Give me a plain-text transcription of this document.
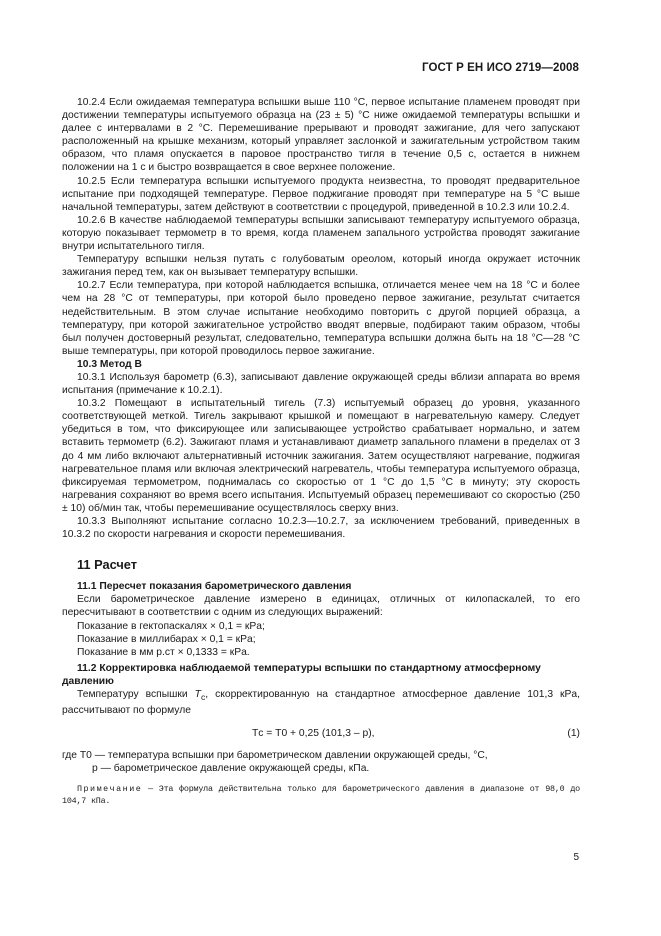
ГОСТ Р ЕН ИСО 2719—2008

10.2.4 Если ожидаемая температура вспышки выше 110 °С, первое испытание пламенем проводят при достижении температуры испытуемого образца на (23 ± 5) °С ниже ожидаемой температуры вспышки и далее с интервалами в 2 °С. Перемешивание прерывают и проводят зажигание, для чего запускают расположенный на крышке механизм, который управляет заслонкой и зажигательным устройством таким образом, что пламя опускается в паровое пространство тигля в течение 0,5 с, остается в нижнем положении на 1 с и быстро возвращается в свое верхнее положение.

10.2.5 Если температура вспышки испытуемого продукта неизвестна, то проводят предварительное испытание при подходящей температуре. Первое поджигание проводят при температуре на 5 °С выше начальной температуры, затем действуют в соответствии с процедурой, приведенной в 10.2.3 или 10.2.4.

10.2.6 В качестве наблюдаемой температуры вспышки записывают температуру испытуемого образца, которую показывает термометр в то время, когда пламенем запального устройства проводят зажигание внутри испытательного тигля.

Температуру вспышки нельзя путать с голубоватым ореолом, который иногда окружает источник зажигания перед тем, как он вызывает температуру вспышки.

10.2.7 Если температура, при которой наблюдается вспышка, отличается менее чем на 18 °С и более чем на 28 °С от температуры, при которой было проведено первое зажигание, результат считается недействительным. В этом случае испытание необходимо повторить с другой порцией образца, а температуру, при которой зажигательное устройство вводят впервые, подбирают таким образом, чтобы был получен достоверный результат, следовательно, температура вспышки должна быть на 18 °С—28 °С выше температуры, при которой проводилось первое зажигание.

10.3 Метод В

10.3.1 Используя барометр (6.3), записывают давление окружающей среды вблизи аппарата во время испытания (примечание к 10.2.1).

10.3.2 Помещают в испытательный тигель (7.3) испытуемый образец до уровня, указанного соответствующей меткой. Тигель закрывают крышкой и помещают в нагревательную камеру. Следует убедиться в том, что фиксирующее или записывающее устройство срабатывает нормально, и затем вставить термометр (6.2). Зажигают пламя и устанавливают диаметр запального пламени в пределах от 3 до 4 мм либо включают альтернативный источник зажигания. Затем осуществляют нагревание, поджигая нагревательное пламя или включая электрический нагреватель, чтобы температура испытуемого образца, фиксируемая термометром, поднималась со скоростью от 1 °С до 1,5 °С в минуту; эту скорость нагревания сохраняют во время всего испытания. Испытуемый образец перемешивают со скоростью (250 ± 10) об/мин так, чтобы перемешивание осуществлялось сверху вниз.

10.3.3 Выполняют испытание согласно 10.2.3—10.2.7, за исключением требований, приведенных в 10.3.2 по скорости нагревания и скорости перемешивания.

11 Расчет

11.1 Пересчет показания барометрического давления

Если барометрическое давление измерено в единицах, отличных от килопаскалей, то его пересчитывают в соответствии с одним из следующих выражений:

Показание в гектопаскалях × 0,1 = кPa;

Показание в миллибарах × 0,1 = кPa;

Показание в мм р.ст × 0,1333 = кPa.

11.2 Корректировка наблюдаемой температуры вспышки по стандартному атмосферному давлению

Температуру вспышки $T_c$, скорректированную на стандартное атмосферное давление 101,3 кPa, рассчитывают по формуле

Tс = T0 + 0,25 (101,3 – p),	(1)

где T0 — температура вспышки при барометрическом давлении окружающей среды, °С,

p — барометрическое давление окружающей среды, кПа.

Примечание — Эта формула действительна только для барометрического давления в диапазоне от 98,0 до 104,7 кПа.

5
